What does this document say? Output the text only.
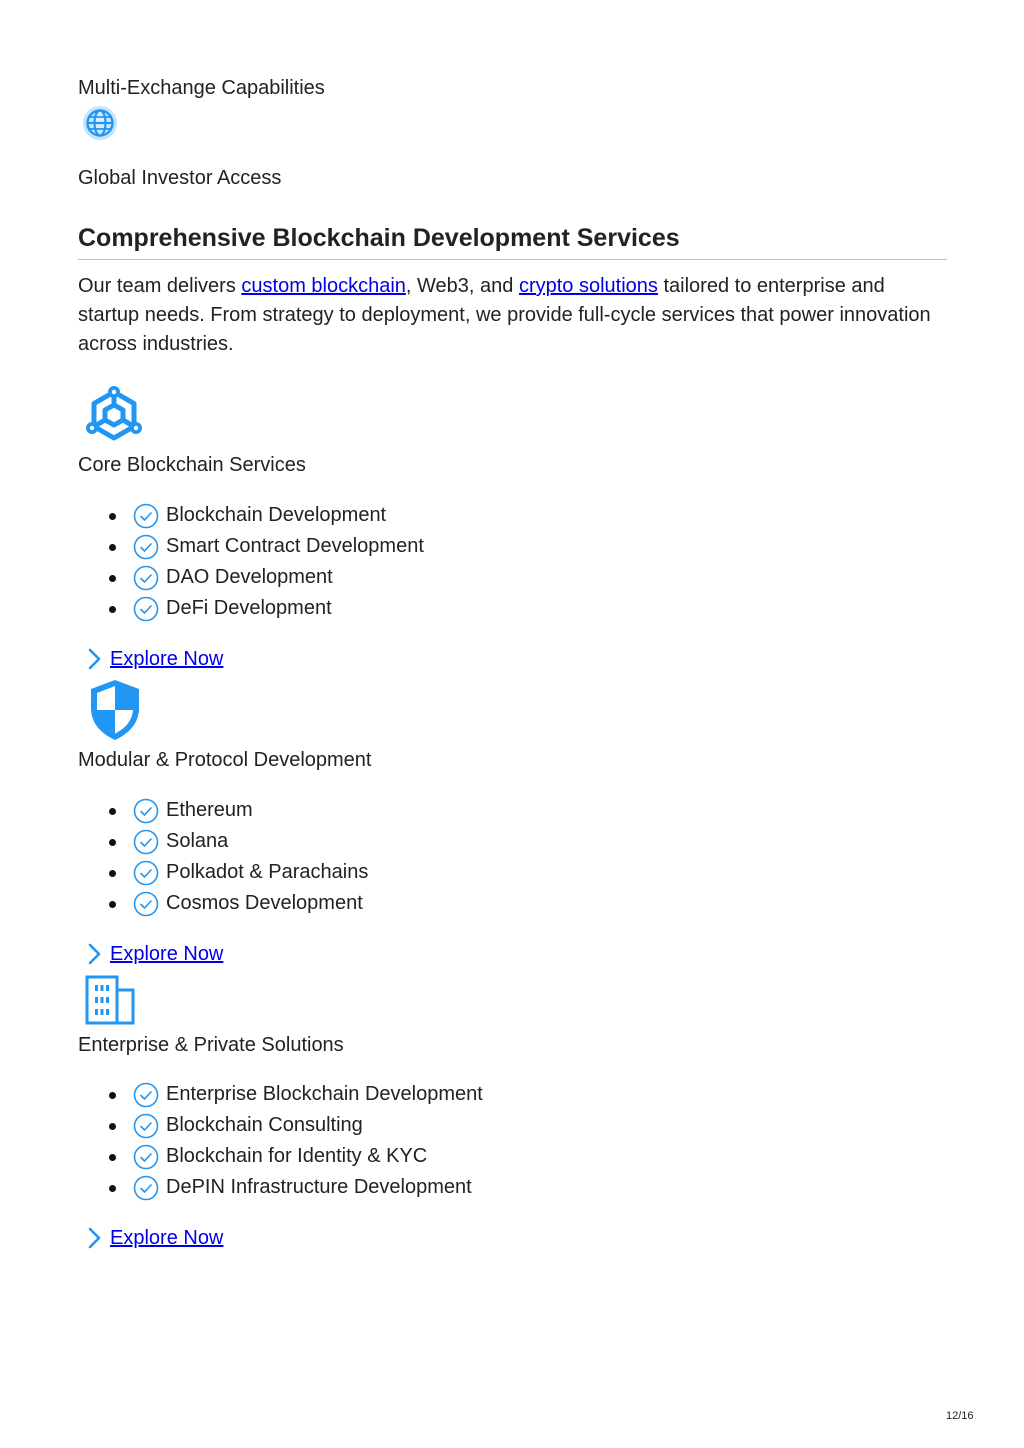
Multi-Exchange Capabilities
Global Investor Access
Comprehensive Blockchain Development Services

Our team delivers custom blockchain, Web3, and crypto solutions tailored to enterprise and startup needs. From strategy to deployment, we provide full-cycle services that power innovation across industries.

Core Blockchain Services
Blockchain Development
Smart Contract Development
DAO Development
DeFi Development
Explore Now
Modular & Protocol Development
Ethereum
Solana
Polkadot & Parachains
Cosmos Development
Explore Now
Enterprise & Private Solutions
Enterprise Blockchain Development
Blockchain Consulting
Blockchain for Identity & KYC
DePIN Infrastructure Development
Explore Now
12/16
